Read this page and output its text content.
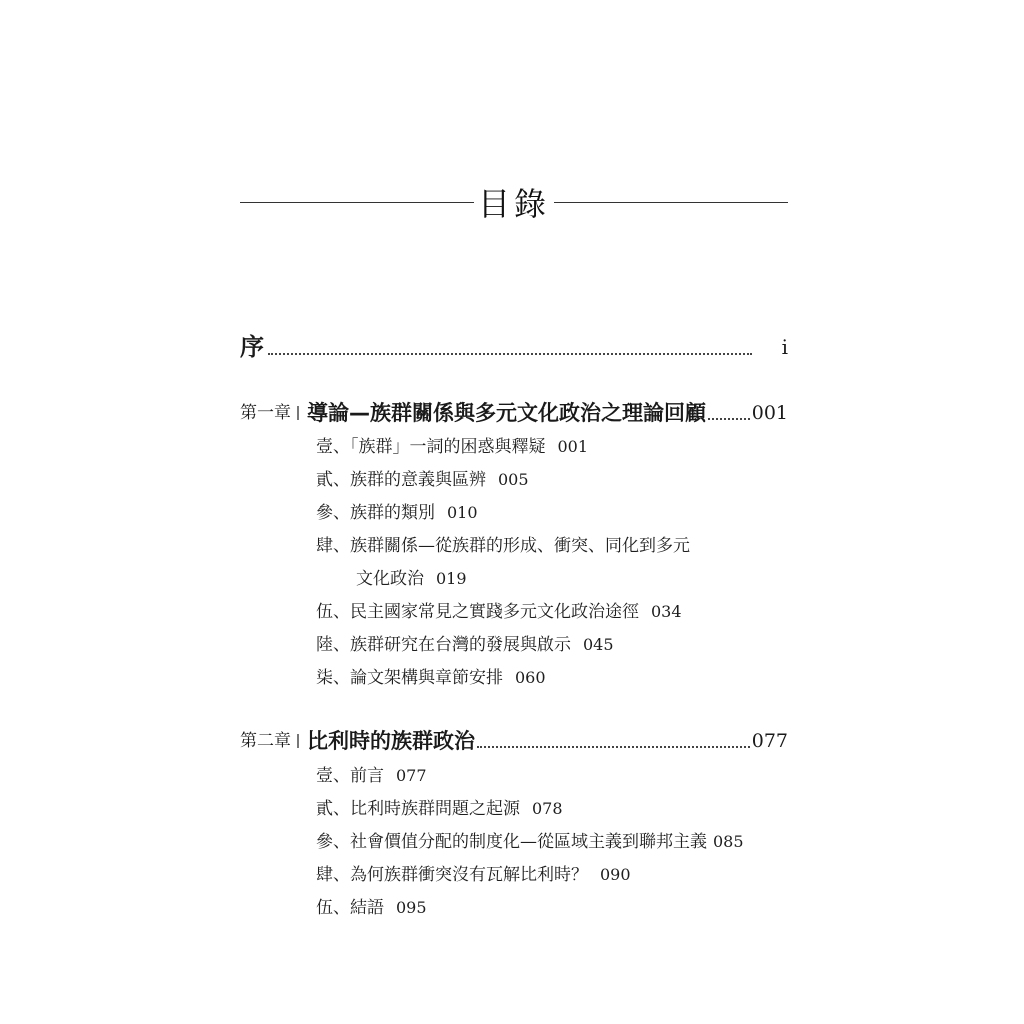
目錄
序	i
第一章 導論—族群關係與多元文化政治之理論回顧 001
壹、「族群」一詞的困惑與釋疑 001
貳、族群的意義與區辨 005
參、族群的類別 010
肆、族群關係—從族群的形成、衝突、同化到多元
文化政治 019
伍、民主國家常見之實踐多元文化政治途徑 034
陸、族群研究在台灣的發展與啟示 045
柒、論文架構與章節安排 060
第二章 比利時的族群政治	077
壹、前言 077
貳、比利時族群問題之起源 078
參、社會價值分配的制度化—從區域主義到聯邦主義 085
肆、為何族群衝突沒有瓦解比利時？ 090
伍、結語 095
